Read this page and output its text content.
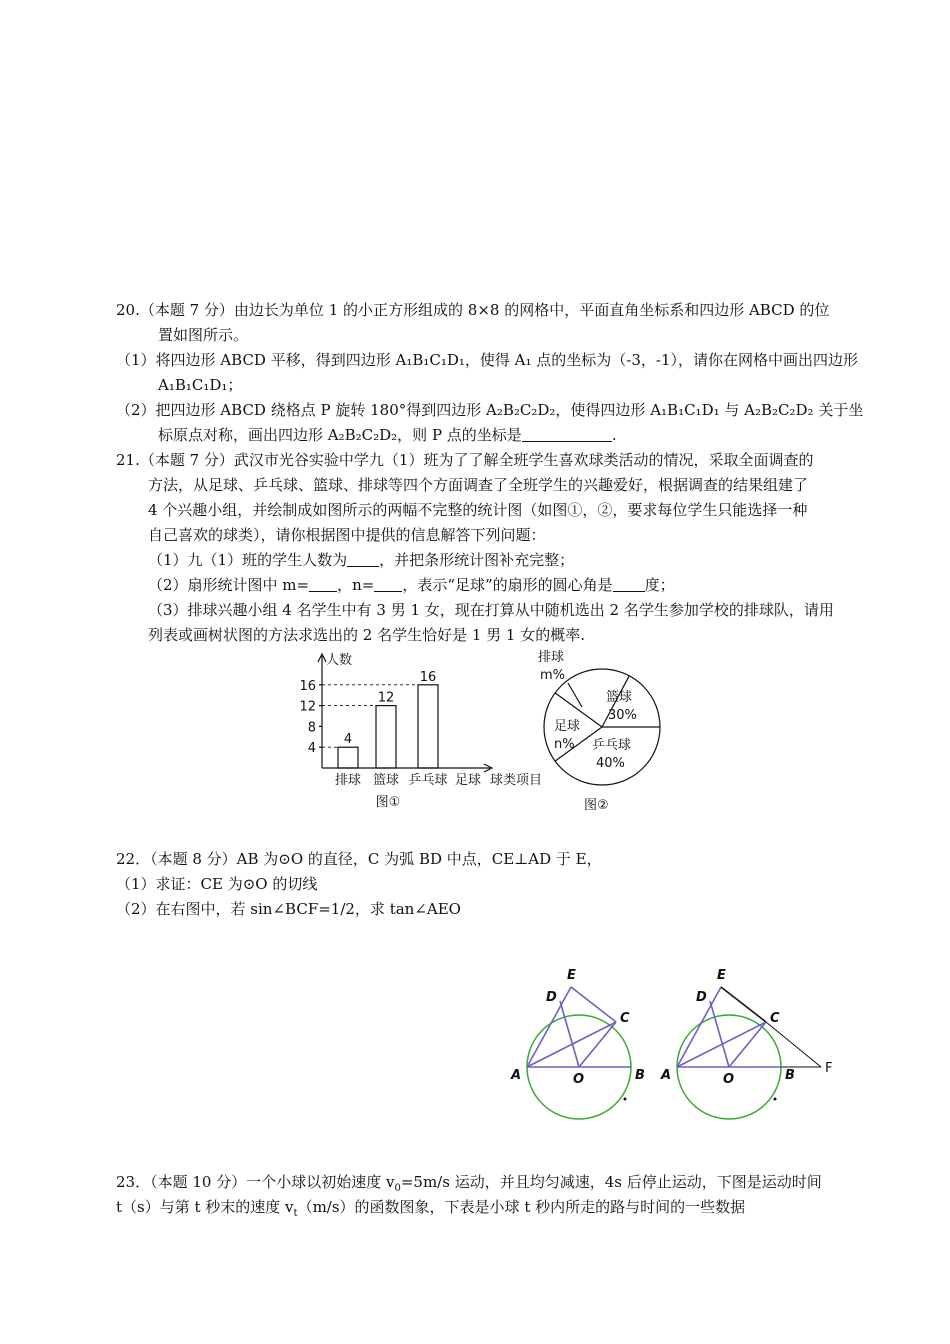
20.（本题 7 分）由边长为单位 1 的小正方形组成的 8×8 的网格中，平面直角坐标系和四边形 ABCD 的位
置如图所示。
（1）将四边形 ABCD 平移，得到四边形 A₁B₁C₁D₁，使得 A₁ 点的坐标为（-3，-1），请你在网格中画出四边形
A₁B₁C₁D₁；
（2）把四边形 ABCD 绕格点 P 旋转 180°得到四边形 A₂B₂C₂D₂，使得四边形 A₁B₁C₁D₁ 与 A₂B₂C₂D₂ 关于坐
标原点对称，画出四边形 A₂B₂C₂D₂，则 P 点的坐标是	.
21.（本题 7 分）武汉市光谷实验中学九（1）班为了了解全班学生喜欢球类活动的情况，采取全面调查的
方法，从足球、乒乓球、篮球、排球等四个方面调查了全班学生的兴趣爱好，根据调查的结果组建了
4 个兴趣小组，并绘制成如图所示的两幅不完整的统计图（如图①，②，要求每位学生只能选择一种
自己喜欢的球类），请你根据图中提供的信息解答下列问题：
（1）九（1）班的学生人数为 ，并把条形统计图补充完整；
（2）扇形统计图中 m= ，n= ，表示“足球”的扇形的圆心角是 度；
（3）排球兴趣小组 4 名学生中有 3 男 1 女，现在打算从中随机选出 2 名学生参加学校的排球队，请用
列表或画树状图的方法求选出的 2 名学生恰好是 1 男 1 女的概率.
人数
4
8
12
16
排球
4
篮球
12
乒乓球
16
足球 球类项目
图①
排球
m%
篮球
30%
足球
n% 乒乓球
40%
图②
22．（本题 8 分）AB 为⊙O 的直径，C 为弧 BD 中点，CE⊥AD 于 E，
（1）求证：CE 为⊙O 的切线
（2）在右图中，若 sin∠BCF=1/2，求 tan∠AEO
E
D
C
A	O	B	F
E
D
C
A	O	B
23．（本题 10 分）一个小球以初始速度 $v_0=5m/s$ 运动，并且均匀减速，4s 后停止运动，下图是运动时间
t（s）与第 t 秒末的速度 $v_t(m/s)$的函数图象，下表是小球 t 秒内所走的路与时间的一些数据
